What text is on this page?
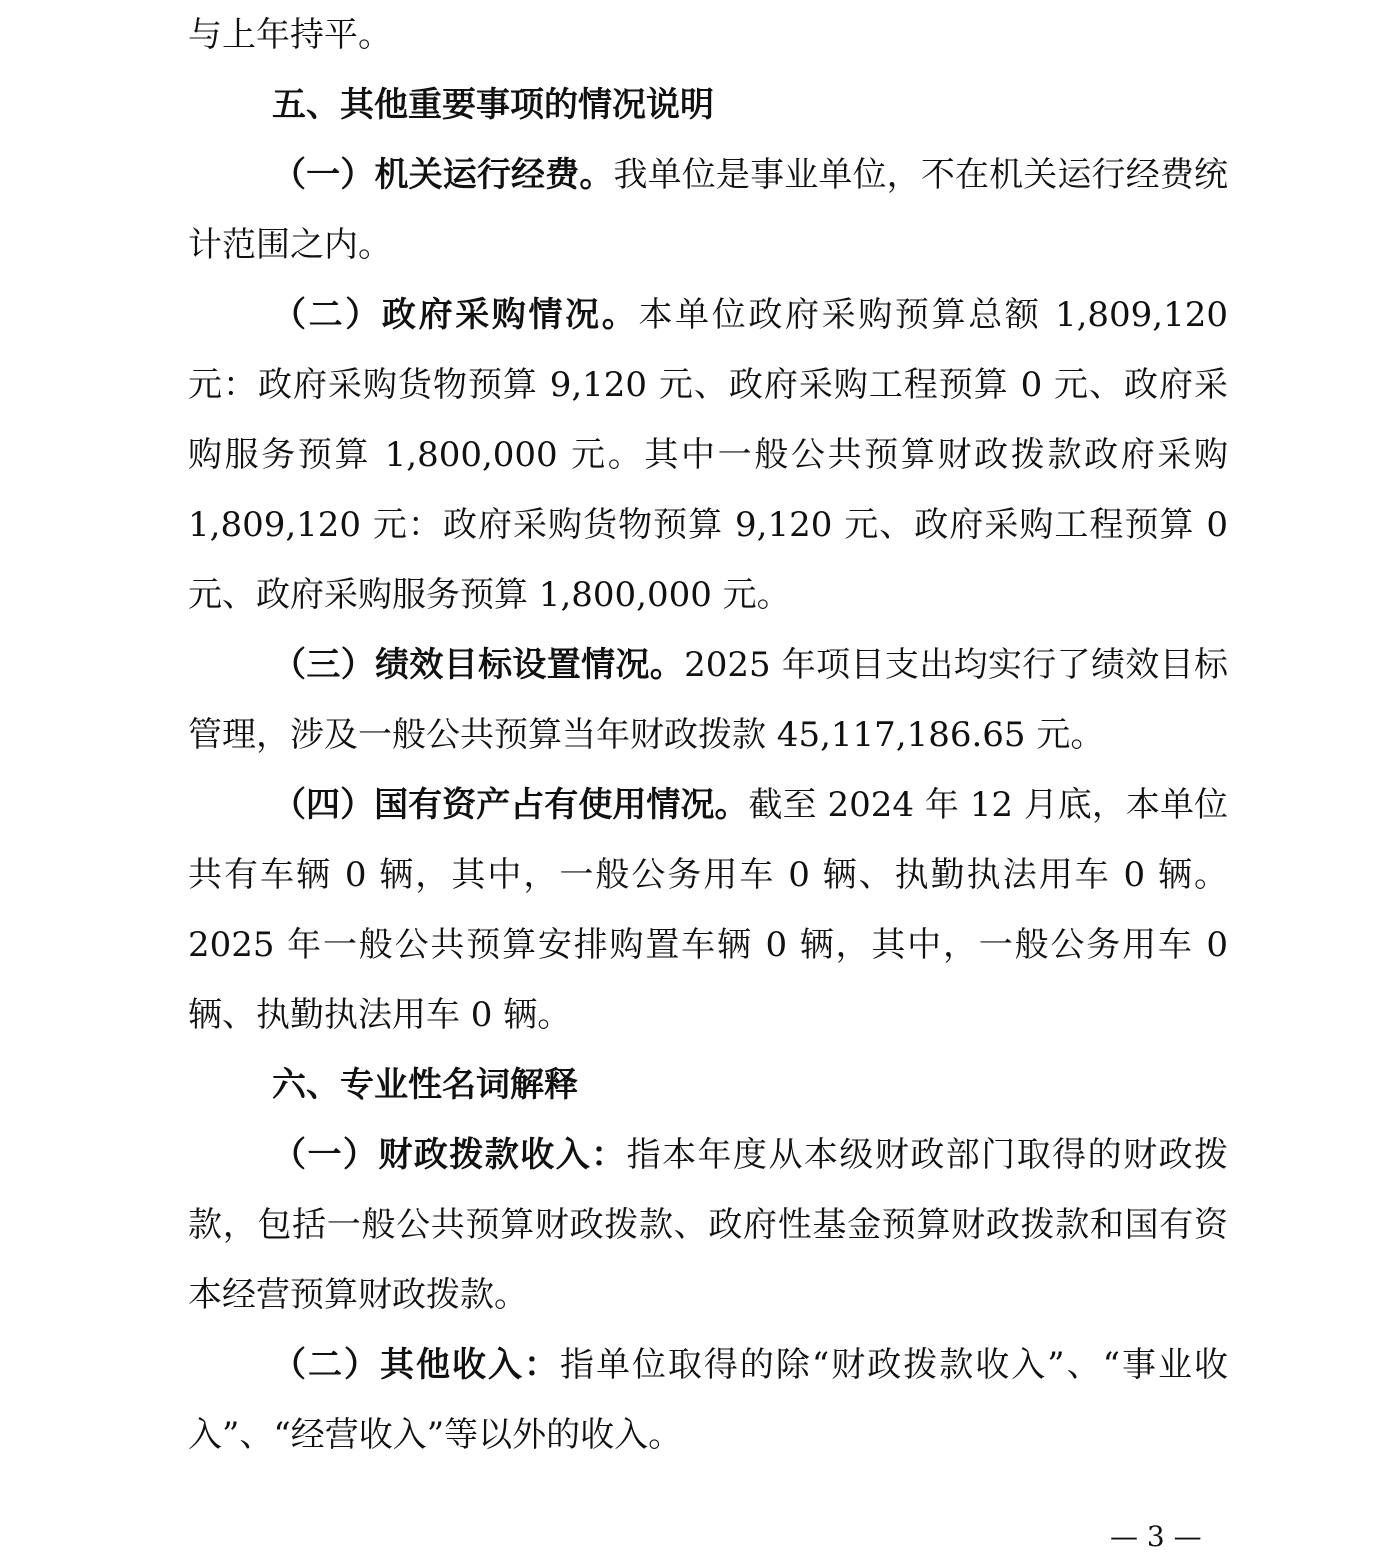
与上年持平。

五、其他重要事项的情况说明

（一）机关运行经费。我单位是事业单位，不在机关运行经费统计范围之内。

（二）政府采购情况。本单位政府采购预算总额 1,809,120 元：政府采购货物预算 9,120 元、政府采购工程预算 0 元、政府采购服务预算 1,800,000 元。其中一般公共预算财政拨款政府采购 1,809,120 元：政府采购货物预算 9,120 元、政府采购工程预算 0 元、政府采购服务预算 1,800,000 元。

（三）绩效目标设置情况。2025 年项目支出均实行了绩效目标管理，涉及一般公共预算当年财政拨款 45,117,186.65 元。

（四）国有资产占有使用情况。截至 2024 年 12 月底，本单位共有车辆 0 辆，其中，一般公务用车 0 辆、执勤执法用车 0 辆。2025 年一般公共预算安排购置车辆 0 辆，其中，一般公务用车 0 辆、执勤执法用车 0 辆。

六、专业性名词解释

（一）财政拨款收入：指本年度从本级财政部门取得的财政拨款，包括一般公共预算财政拨款、政府性基金预算财政拨款和国有资本经营预算财政拨款。

（二）其他收入：指单位取得的除“财政拨款收入”、“事业收入”、“经营收入”等以外的收入。

— 3 —
